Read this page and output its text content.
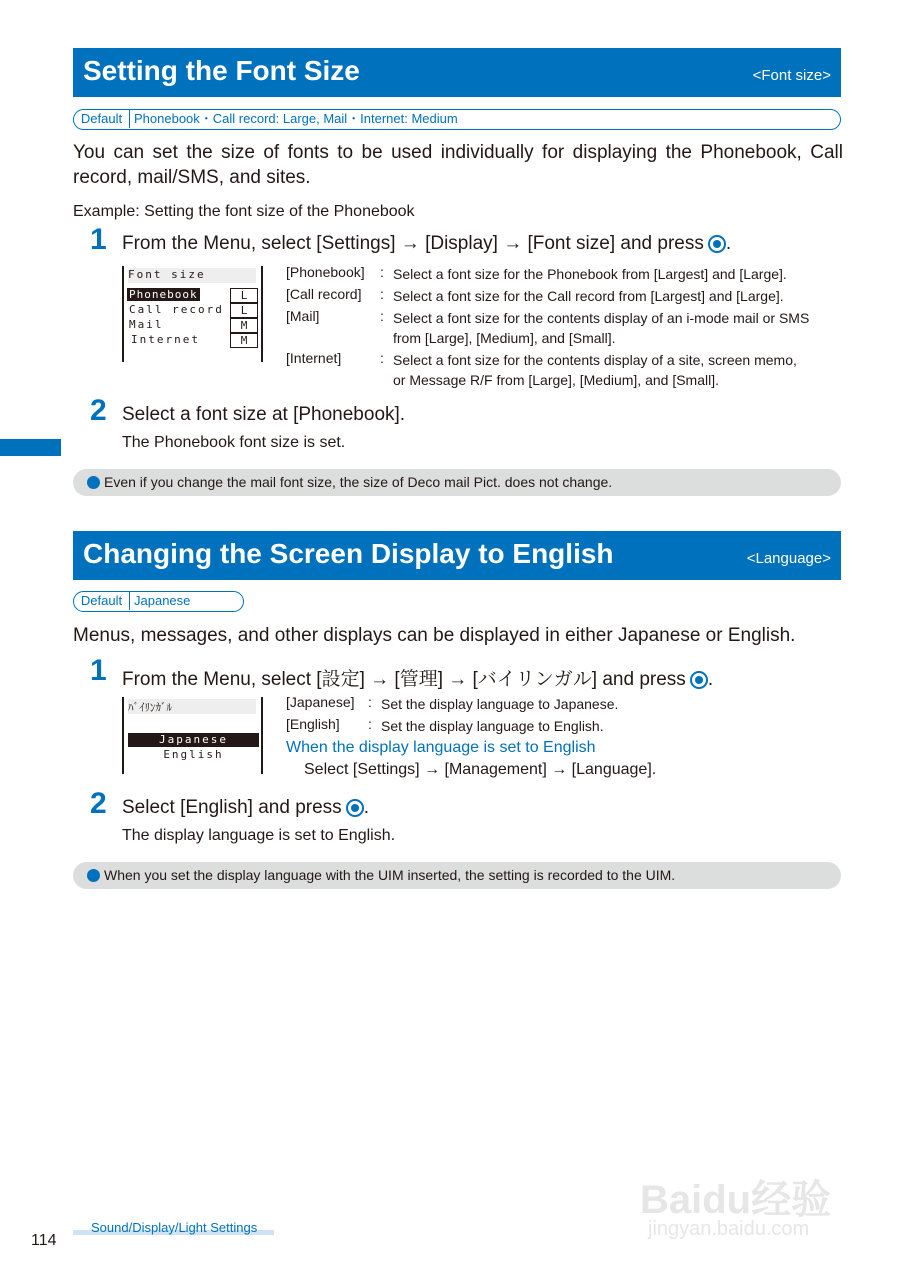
Setting the Font Size	<Font size>
Default Phonebook・Call record: Large, Mail・Internet: Medium
You can set the size of fonts to be used individually for displaying the Phonebook, Call record, mail/SMS, and sites.
Example: Setting the font size of the Phonebook
1 From the Menu, select [Settings] → [Display] → [Font size] and press .
Font size
Phonebook	L
Call record	L
Mail	M
Internet	M
[Phonebook] : Select a font size for the Phonebook from [Largest] and [Large].
[Call record] : Select a font size for the Call record from [Largest] and [Large].
[Mail]	: Select a font size for the contents display of an i-mode mail or SMS
from [Large], [Medium], and [Small].
[Internet]	: Select a font size for the contents display of a site, screen memo,
or Message R/F from [Large], [Medium], and [Small].
2 Select a font size at [Phonebook].
The Phonebook font size is set.
Even if you change the mail font size, the size of Deco mail Pict. does not change.
Changing the Screen Display to English	<Language>
Default Japanese
Menus, messages, and other displays can be displayed in either Japanese or English.
1 From the Menu, select [設定] → [管理] → [バイリンガル] and press .
ﾊﾞｲﾘﾝｶﾞﾙ
Japanese
English
[Japanese] : Set the display language to Japanese.
[English] : Set the display language to English.
When the display language is set to English
Select [Settings] → [Management] → [Language].
2 Select [English] and press .
The display language is set to English.
When you set the display language with the UIM inserted, the setting is recorded to the UIM.
Baidu经验
jingyan.baidu.com
114
Sound/Display/Light Settings
